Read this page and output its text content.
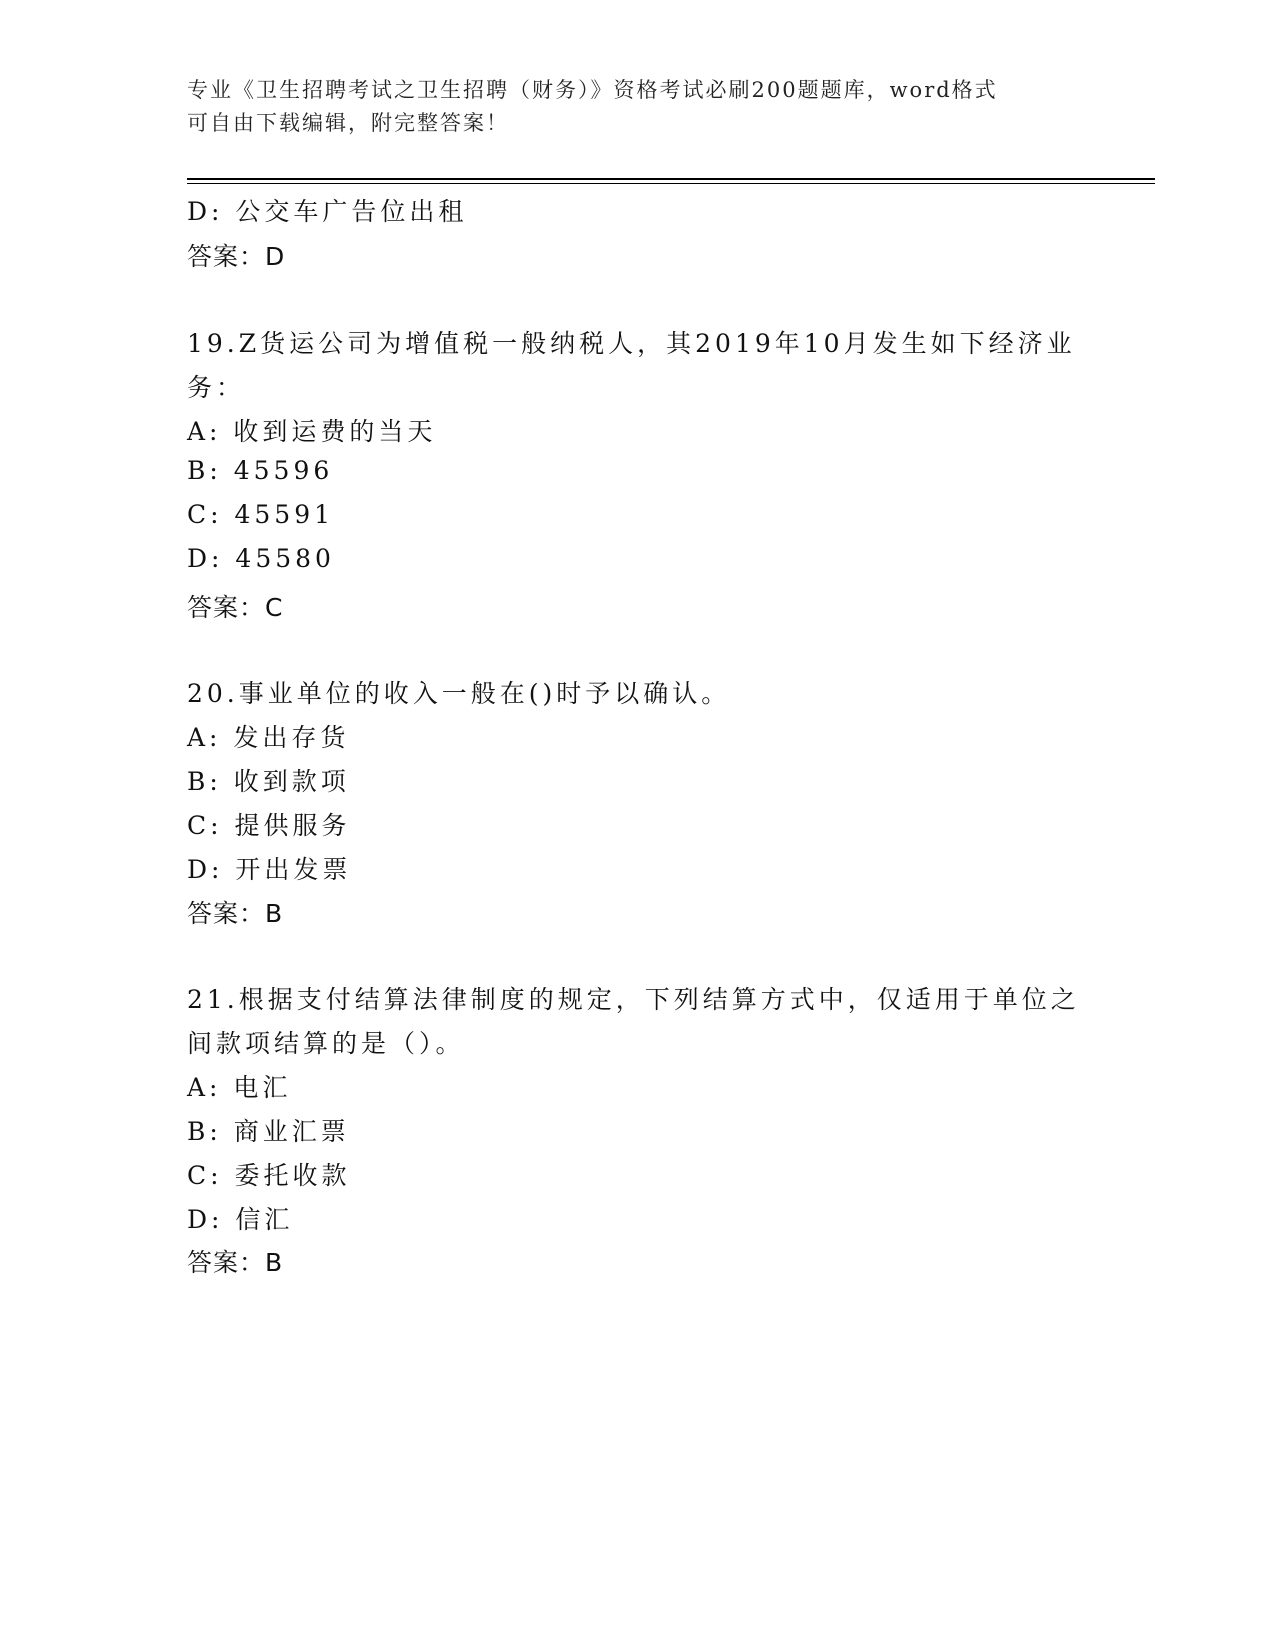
专业《卫生招聘考试之卫生招聘（财务）》资格考试必刷200题题库，word格式
可自由下载编辑，附完整答案！
D: 公交车广告位出租
答案：D
19.Z货运公司为增值税一般纳税人，其2019年10月发生如下经济业
务：
A: 收到运费的当天
B: 45596
C: 45591
D: 45580
答案：C
20.事业单位的收入一般在()时予以确认。
A: 发出存货
B: 收到款项
C: 提供服务
D: 开出发票
答案：B
21.根据支付结算法律制度的规定，下列结算方式中，仅适用于单位之
间款项结算的是（）。
A: 电汇
B: 商业汇票
C: 委托收款
D: 信汇
答案：B
